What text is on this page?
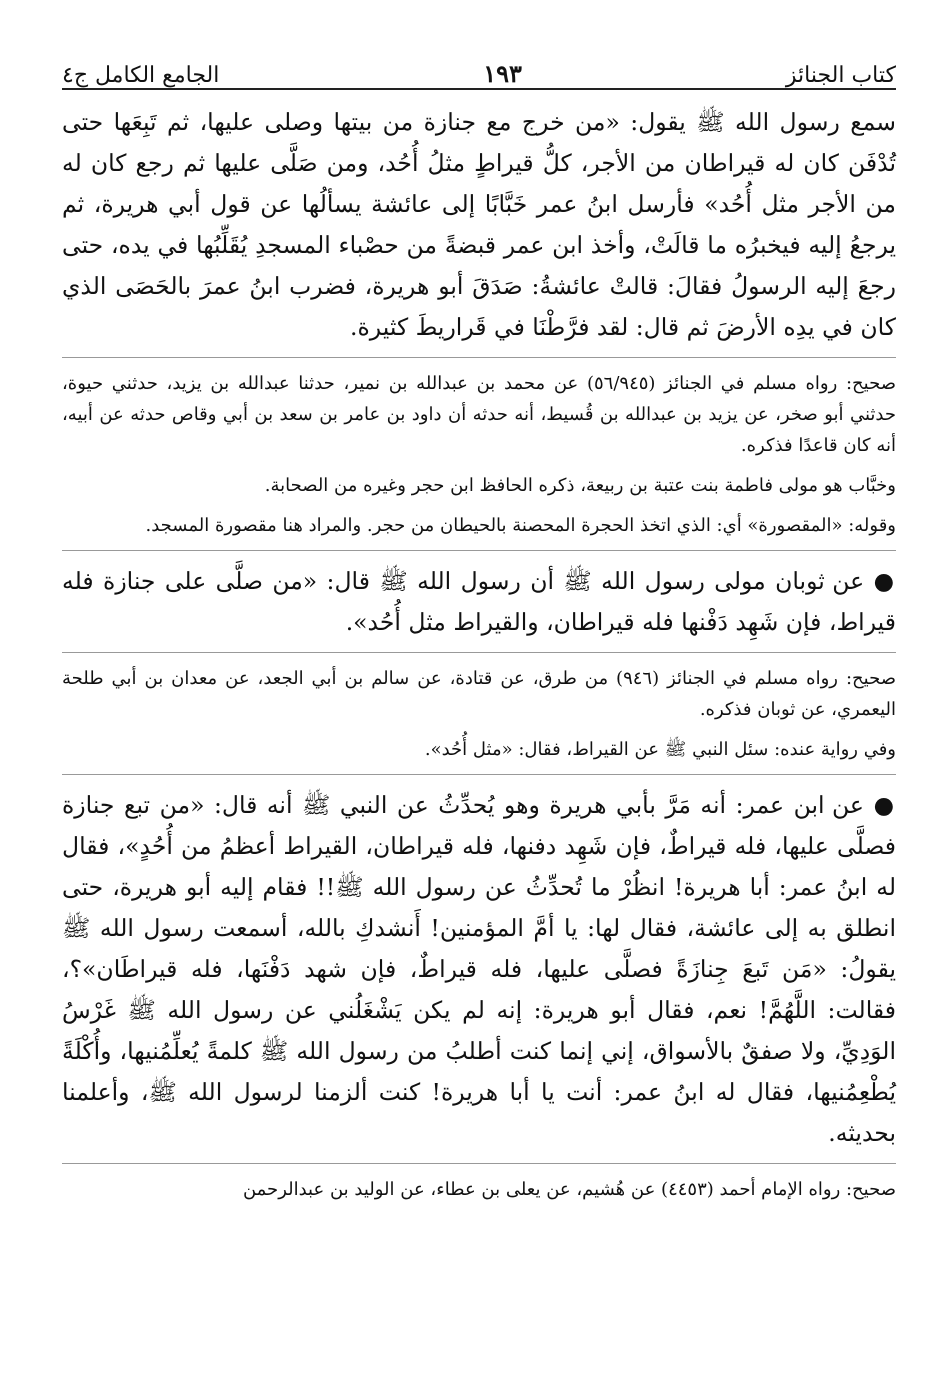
كتاب الجنائز
١٩٣
الجامع الكامل ج٤

سمع رسول الله ﷺ يقول: «من خرج مع جنازة من بيتها وصلى عليها، ثم تَبِعَها حتى تُدْفَن كان له قيراطان من الأجر، كلُّ قيراطٍ مثلُ أُحُد، ومن صَلَّى عليها ثم رجع كان له من الأجر مثل أُحُد» فأرسل ابنُ عمر خَبَّابًا إلى عائشة يسألُها عن قول أبي هريرة، ثم يرجعُ إليه فيخبرُه ما قالَتْ، وأخذ ابن عمر قبضةً من حصْباء المسجدِ يُقَلِّبُها في يده، حتى رجعَ إليه الرسولُ فقالَ: قالتْ عائشةُ: صَدَقَ أبو هريرة، فضرب ابنُ عمرَ بالحَصَى الذي كان في يدِه الأرضَ ثم قال: لقد فرَّطْنَا في قَراريطَ كثيرة.

صحيح: رواه مسلم في الجنائز (٥٦/٩٤٥) عن محمد بن عبدالله بن نمير، حدثنا عبدالله بن يزيد، حدثني حيوة، حدثني أبو صخر، عن يزيد بن عبدالله بن قُسيط، أنه حدثه أن داود بن عامر بن سعد بن أبي وقاص حدثه عن أبيه، أنه كان قاعدًا فذكره.

وخبَّاب هو مولى فاطمة بنت عتبة بن ربيعة، ذكره الحافظ ابن حجر وغيره من الصحابة.

وقوله: «المقصورة» أي: الذي اتخذ الحجرة المحصنة بالحيطان من حجر. والمراد هنا مقصورة المسجد.

● عن ثوبان مولى رسول الله ﷺ أن رسول الله ﷺ قال: «من صلَّى على جنازة فله قيراط، فإن شَهِد دَفْنها فله قيراطان، والقيراط مثل أُحُد».

صحيح: رواه مسلم في الجنائز (٩٤٦) من طرق، عن قتادة، عن سالم بن أبي الجعد، عن معدان بن أبي طلحة اليعمري، عن ثوبان فذكره.

وفي رواية عنده: سئل النبي ﷺ عن القيراط، فقال: «مثل أُحُد».

● عن ابن عمر: أنه مَرَّ بأبي هريرة وهو يُحدِّثُ عن النبي ﷺ أنه قال: «من تبع جنازة فصلَّى عليها، فله قيراطٌ، فإن شَهِد دفنها، فله قيراطان، القيراط أعظمُ من أُحُدٍ»، فقال له ابنُ عمر: أبا هريرة! انظُرْ ما تُحدِّثُ عن رسول الله ﷺ!! فقام إليه أبو هريرة، حتى انطلق به إلى عائشة، فقال لها: يا أمَّ المؤمنين! أَنشدكِ بالله، أسمعت رسول الله ﷺ يقولُ: «مَن تَبعَ جِنازَةً فصلَّى عليها، فله قيراطٌ، فإن شهد دَفْنَها، فله قيراطَان»؟، فقالت: اللَّهُمَّ! نعم، فقال أبو هريرة: إنه لم يكن يَشْغَلُني عن رسول الله ﷺ غَرْسُ الوَدِيِّ، ولا صفقٌ بالأسواق، إني إنما كنت أطلبُ من رسول الله ﷺ كلمةً يُعلِّمُنيها، وأُكْلَةً يُطْعِمُنيها، فقال له ابنُ عمر: أنت يا أبا هريرة! كنت ألزمنا لرسول الله ﷺ، وأعلمنا بحديثه.

صحيح: رواه الإمام أحمد (٤٤٥٣) عن هُشيم، عن يعلى بن عطاء، عن الوليد بن عبدالرحمن
